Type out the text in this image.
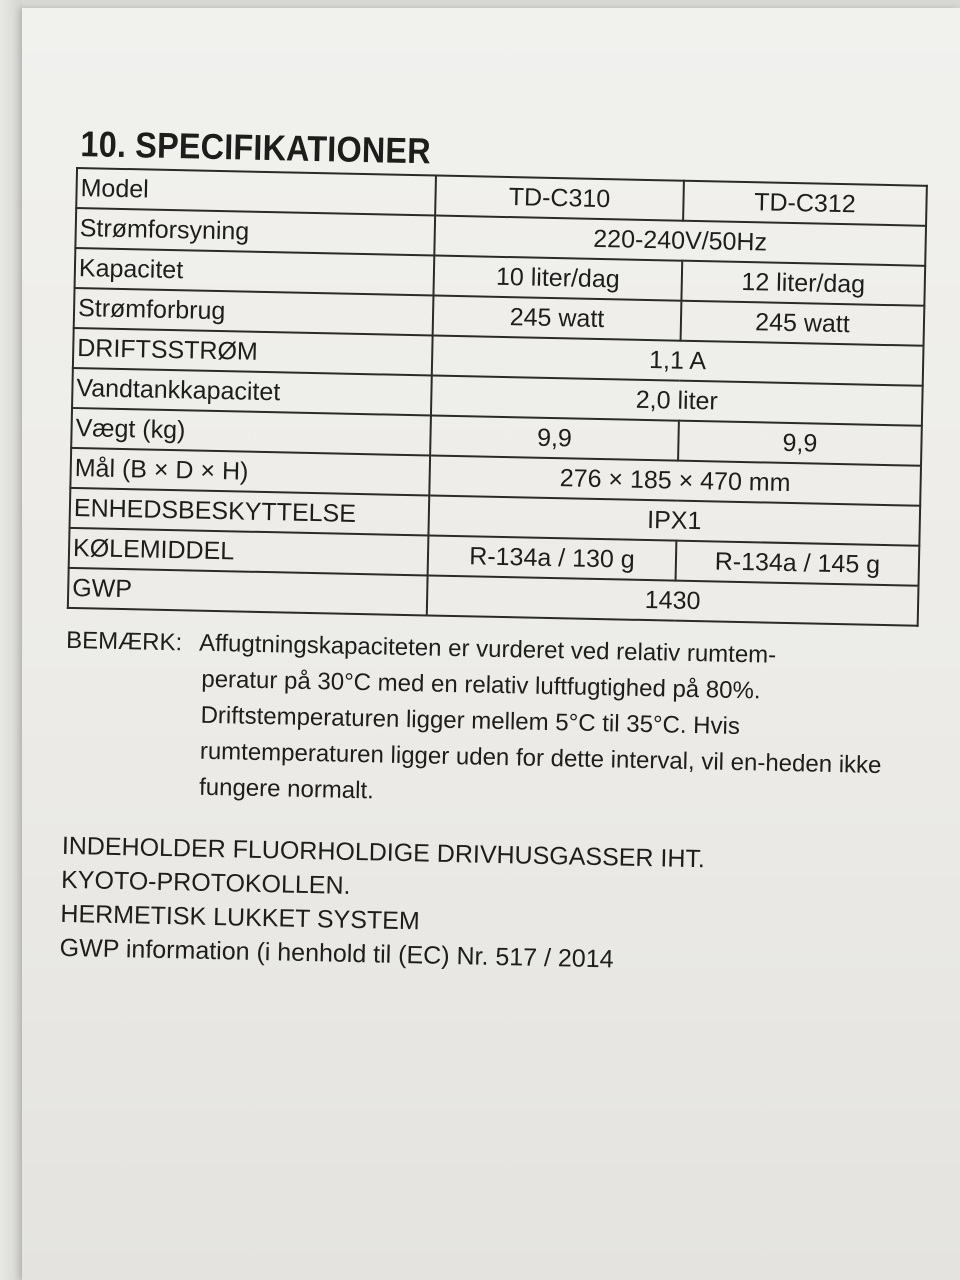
10. SPECIFIKATIONER
Model	TD-C310	TD-C312
Strømforsyning	220-240V/50Hz	
Kapacitet	10 liter/dag	12 liter/dag
Strømforbrug	245 watt	245 watt
DRIFTSSTRØM	1,1 A	
Vandtankkapacitet	2,0 liter	
Vægt (kg)	9,9	9,9
Mål (B × D × H)	276 × 185 × 470 mm	
ENHEDSBESKYTTELSE	IPX1	
KØLEMIDDEL	R-134a / 130 g	R-134a / 145 g
GWP	1430	
BEMÆRK: Affugtningskapaciteten er vurderet ved relativ rumtem-
peratur på 30°C med en relativ luftfugtighed på 80%. Driftstemperaturen ligger mellem 5°C til 35°C. Hvis rumtemperaturen ligger uden for dette interval, vil en-heden ikke fungere normalt.
INDEHOLDER FLUORHOLDIGE DRIVHUSGASSER IHT.
KYOTO-PROTOKOLLEN.
HERMETISK LUKKET SYSTEM
GWP information (i henhold til (EC) Nr. 517 / 2014
